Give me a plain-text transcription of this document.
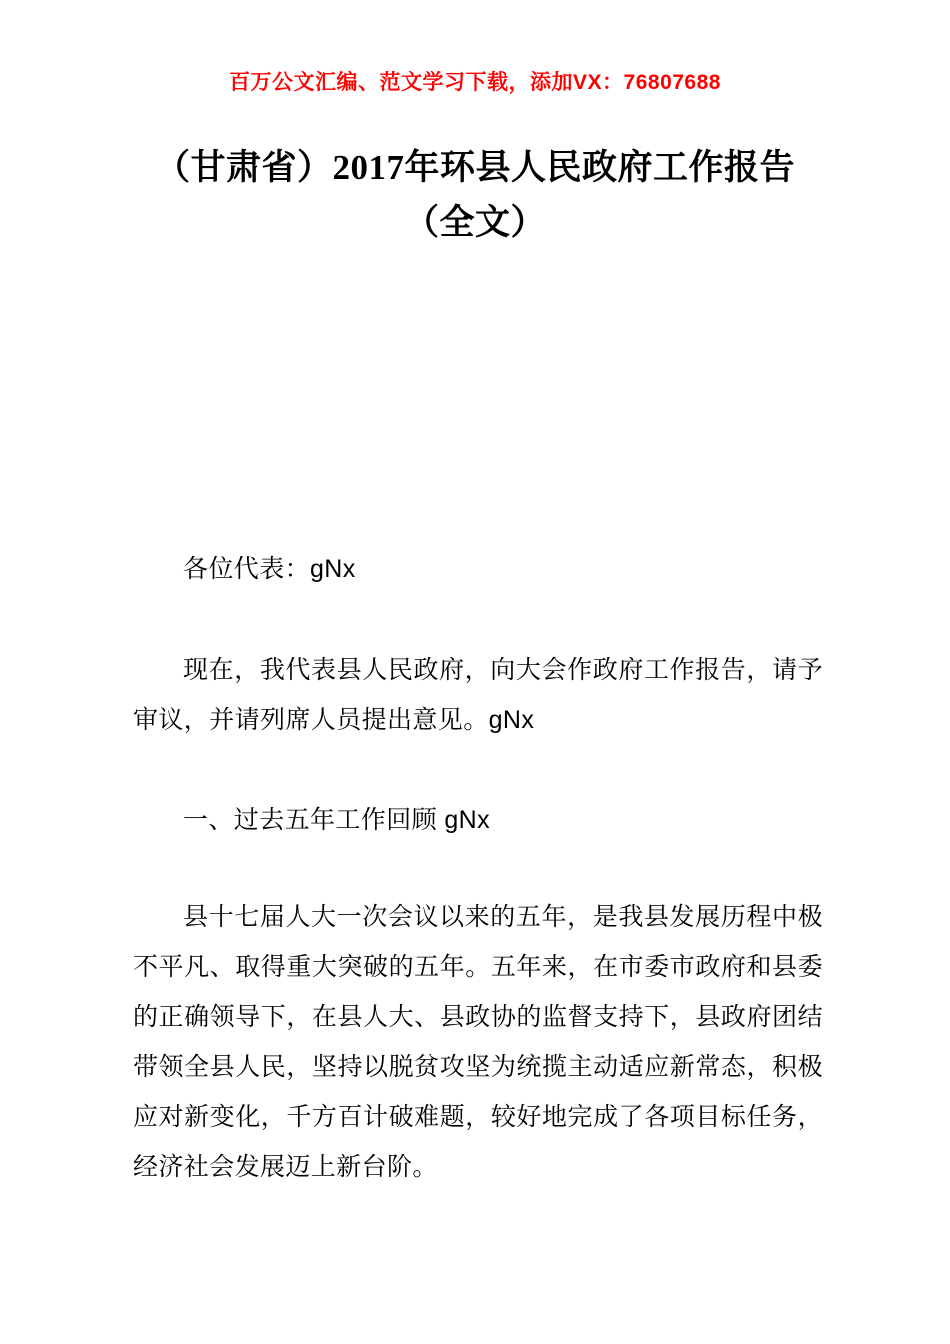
百万公文汇编、范文学习下载，添加VX：76807688
（甘肃省）2017年环县人民政府工作报告
（全文）

各位代表：gNx

现在，我代表县人民政府，向大会作政府工作报告，请予审议，并请列席人员提出意见。gNx

一、过去五年工作回顾 gNx

县十七届人大一次会议以来的五年，是我县发展历程中极不平凡、取得重大突破的五年。五年来，在市委市政府和县委的正确领导下，在县人大、县政协的监督支持下，县政府团结带领全县人民，坚持以脱贫攻坚为统揽主动适应新常态，积极应对新变化，千方百计破难题，较好地完成了各项目标任务，经济社会发展迈上新台阶。
